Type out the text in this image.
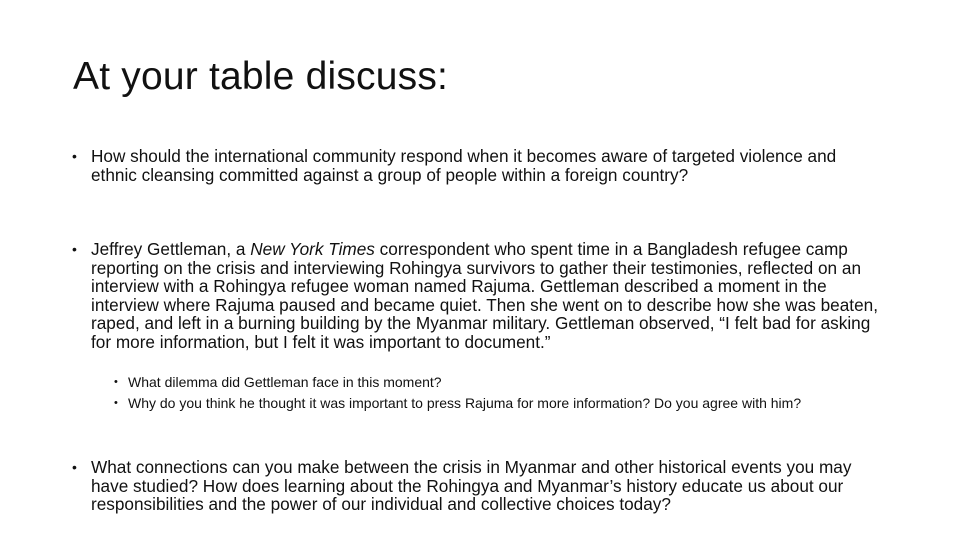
At your table discuss:
• How should the international community respond when it becomes aware of targeted violence and ethnic cleansing committed against a group of people within a foreign country?
• Jeffrey Gettleman, a New York Times correspondent who spent time in a Bangladesh refugee camp reporting on the crisis and interviewing Rohingya survivors to gather their testimonies, reflected on an interview with a Rohingya refugee woman named Rajuma. Gettleman described a moment in the interview where Rajuma paused and became quiet. Then she went on to describe how she was beaten, raped, and left in a burning building by the Myanmar military. Gettleman observed, “I felt bad for asking for more information, but I felt it was important to document.”
• What dilemma did Gettleman face in this moment?
• Why do you think he thought it was important to press Rajuma for more information? Do you agree with him?
• What connections can you make between the crisis in Myanmar and other historical events you may have studied? How does learning about the Rohingya and Myanmar’s history educate us about our responsibilities and the power of our individual and collective choices today?
